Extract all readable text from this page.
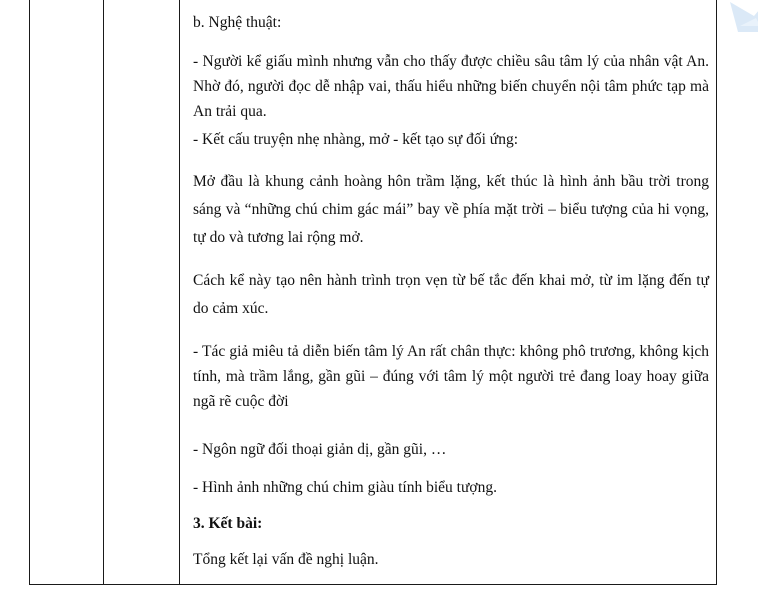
b. Nghệ thuật:

- Người kể giấu mình nhưng vẫn cho thấy được chiều sâu tâm lý của nhân vật An. Nhờ đó, người đọc dễ nhập vai, thấu hiểu những biến chuyển nội tâm phức tạp mà An trải qua.

- Kết cấu truyện nhẹ nhàng, mở - kết tạo sự đối ứng:

Mở đầu là khung cảnh hoàng hôn trầm lặng, kết thúc là hình ảnh bầu trời trong sáng và “những chú chim gác mái” bay về phía mặt trời – biểu tượng của hi vọng, tự do và tương lai rộng mở.

Cách kể này tạo nên hành trình trọn vẹn từ bế tắc đến khai mở, từ im lặng đến tự do cảm xúc.

- Tác giả miêu tả diễn biến tâm lý An rất chân thực: không phô trương, không kịch tính, mà trầm lắng, gần gũi – đúng với tâm lý một người trẻ đang loay hoay giữa ngã rẽ cuộc đời

- Ngôn ngữ đối thoại giản dị, gần gũi, …

- Hình ảnh những chú chim giàu tính biểu tượng.

3. Kết bài:

Tổng kết lại vấn đề nghị luận.
